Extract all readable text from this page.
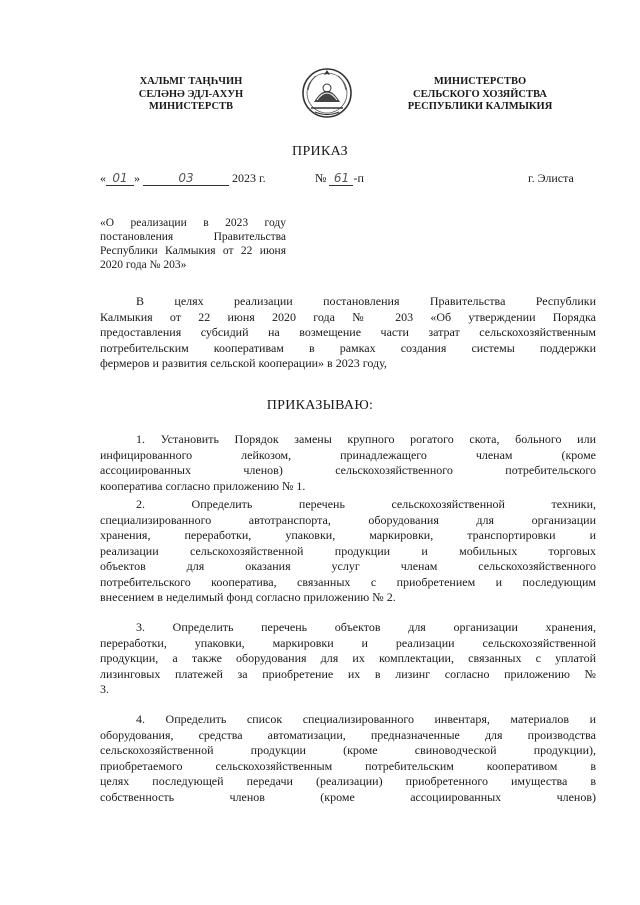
ХАЛЬМГ ТАҢҺЧИН
СЕЛӘНӘ ЭДЛ-АХУН
МИНИСТЕРСТВ
МИНИСТЕРСТВО
СЕЛЬСКОГО ХОЗЯЙСТВА
РЕСПУБЛИКИ КАЛМЫКИЯ
ПРИКАЗ
« 01 »	03	2023 г.	№ 61 -п	г. Элиста
«О реализации в 2023 году
постановления Правительства
Республики Калмыкия от 22 июня
2020 года № 203»
В целях реализации постановления Правительства Республики
Калмыкия от 22 июня 2020 года № 203 «Об утверждении Порядка
предоставления субсидий на возмещение части затрат сельскохозяйственным
потребительским кооперативам в рамках создания системы поддержки
фермеров и развития сельской кооперации» в 2023 году,
ПРИКАЗЫВАЮ:
1. Установить Порядок замены крупного рогатого скота, больного или
инфицированного лейкозом, принадлежащего членам (кроме
ассоциированных членов) сельскохозяйственного потребительского
кооператива согласно приложению № 1.
2. Определить перечень сельскохозяйственной техники,
специализированного автотранспорта, оборудования для организации
хранения, переработки, упаковки, маркировки, транспортировки и
реализации сельскохозяйственной продукции и мобильных торговых
объектов для оказания услуг членам сельскохозяйственного
потребительского кооператива, связанных с приобретением и последующим
внесением в неделимый фонд согласно приложению № 2.
3. Определить перечень объектов для организации хранения,
переработки, упаковки, маркировки и реализации сельскохозяйственной
продукции, а также оборудования для их комплектации, связанных с уплатой
лизинговых платежей за приобретение их в лизинг согласно приложению №
3.
4. Определить список специализированного инвентаря, материалов и
оборудования, средства автоматизации, предназначенные для производства
сельскохозяйственной продукции (кроме свиноводческой продукции),
приобретаемого сельскохозяйственным потребительским кооперативом в
целях последующей передачи (реализации) приобретенного имущества в
собственность членов (кроме ассоциированных членов)
